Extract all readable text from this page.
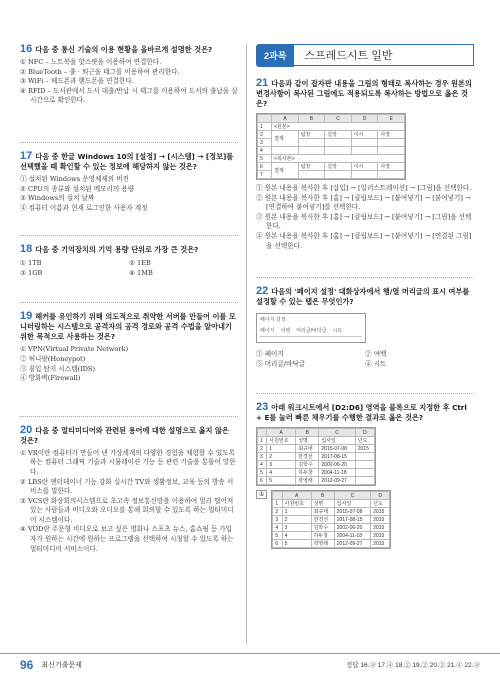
16 다음 중 통신 기술의 이용 현황을 올바르게 설명한 것은?
① NFC – 노트북을 핫스팟을 이용하여 연결한다.
② BlueTooth – 출 · 퇴근을 태그를 이용하여 관리한다.
③ WiFi – 헤드폰과 핸드폰을 연결한다.
④ RFID – 도서관에서 도서 대출/반납 시 태그를 이용하여 도서의 출납을 실시간으로 확인한다.
17 다음 중 한글 Windows 10의 [설정] → [시스템] → [정보]를 선택했을 때 확인할 수 있는 정보에 해당하지 않는 것은?
① 설치된 Windows 운영체제의 버전
② CPU의 종류와 설치된 메모리의 용량
③ Windows의 설치 날짜
④ 컴퓨터 이름과 현재 로그인한 사용자 계정
18 다음 중 기억장치의 기억 용량 단위로 가장 큰 것은?
① 1TB	② 1EB
③ 1GB	④ 1MB
19 해커를 유인하기 위해 의도적으로 취약한 서버를 만들어 이를 모니터링하는 시스템으로 공격자의 공격 경로와 공격 수법을 알아내기 위한 목적으로 사용하는 것은?
① VPN(Virtual Private Network)
② 허니팟(Honeypot)
③ 침입 탐지 시스템(IDS)
④ 방화벽(Firewall)
20 다음 중 멀티미디어와 관련된 용어에 대한 설명으로 옳지 않은 것은?
① VR이란 컴퓨터가 만들어 낸 가상세계의 다양한 경험을 체험할 수 있도록 하는 컴퓨터 그래픽 기술과 시뮬레이션 기능 등 관련 기술을 통틀어 말한다.
② LBS란 엔터테이너 기능 강화 실시간 TV와 생활정보, 교육 등의 방송 서비스를 말한다.
③ VCS란 화상회의시스템으로 초고속 정보통신망을 이용하여 멀리 떨어져 있는 사람들과 비디오와 오디오를 통해 회의할 수 있도록 하는 멀티미디어 시스템이다.
④ VOD란 주문형 비디오로 보고 싶은 영화나 스포츠 뉴스, 홈쇼핑 등 가입자가 원하는 시간에 원하는 프로그램을 선택하여 시청할 수 있도록 하는 멀티미디어 서비스이다.
2과목	스프레드시트 일반
21 다음과 같이 잡자판 내용을 그림의 형태로 복사하는 경우 원본의 변경사항이 복사된 그림에도 적용되도록 복사하는 방법으로 옳은 것은?
	A	B	C	D	E
1	<원본>				
2	결재	팀장	실장	이사	사장
3					
4					
5	<복사본>				
6	결재	팀장	실장	이사	사장
7					
① 원본 내용을 복사한 후 [삽입] → [일러스트레이션] → [그림]을 선택한다.
② 원본 내용을 복사한 후 [홈] → [클립보드] → [붙여넣기] → [붙여넣기] → [연결하여 붙여넣기]를 선택한다.
③ 원본 내용을 복사한 후 [홈] → [클립보드] → [붙여넣기] → [그림]을 선택한다.
④ 원본 내용을 복사한 후 [홈] → [클립보드] → [붙여넣기] → [연결된 그림]을 선택한다.
22 다음의 '페이지 설정' 대화상자에서 행/열 머리글의 표시 여부를 설정할 수 있는 탭은 무엇인가?
페이지 설정
페이지 여백 머리글/바닥글 시트
① 페이지	② 여백
③ 머리글/바닥글	④ 시트
23 아래 워크시트에서 [D2:D6] 영역을 블록으로 지정한 후 Ctrl + E를 눌러 빠른 채우기를 수행한 결과로 옳은 것은?
	A	B	C	D
1	사원번호	성명	입사일	년도
2	1	최규태	2015-07-08	2015
3	2	한경선	2017-08-15	
4	3	김학수	2002-06-20	
5	4	하두창	2004-11-18	
6	5	곽영래	2012-09-27	
①
		A	B	C	D
1	사원번호	성명	입사일	년도
2	1	최규태	2015-07-08	2015
3	2	한경선	2017-08-15	2015
4	3	김학수	2002-06-20	2015
5	4	하두창	2004-11-18	2015
6	5	곽영래	2012-09-27	2015
96 최신기출문제	정답 16.④ 17.④ 18.② 19.② 20.② 21.④ 22.④
